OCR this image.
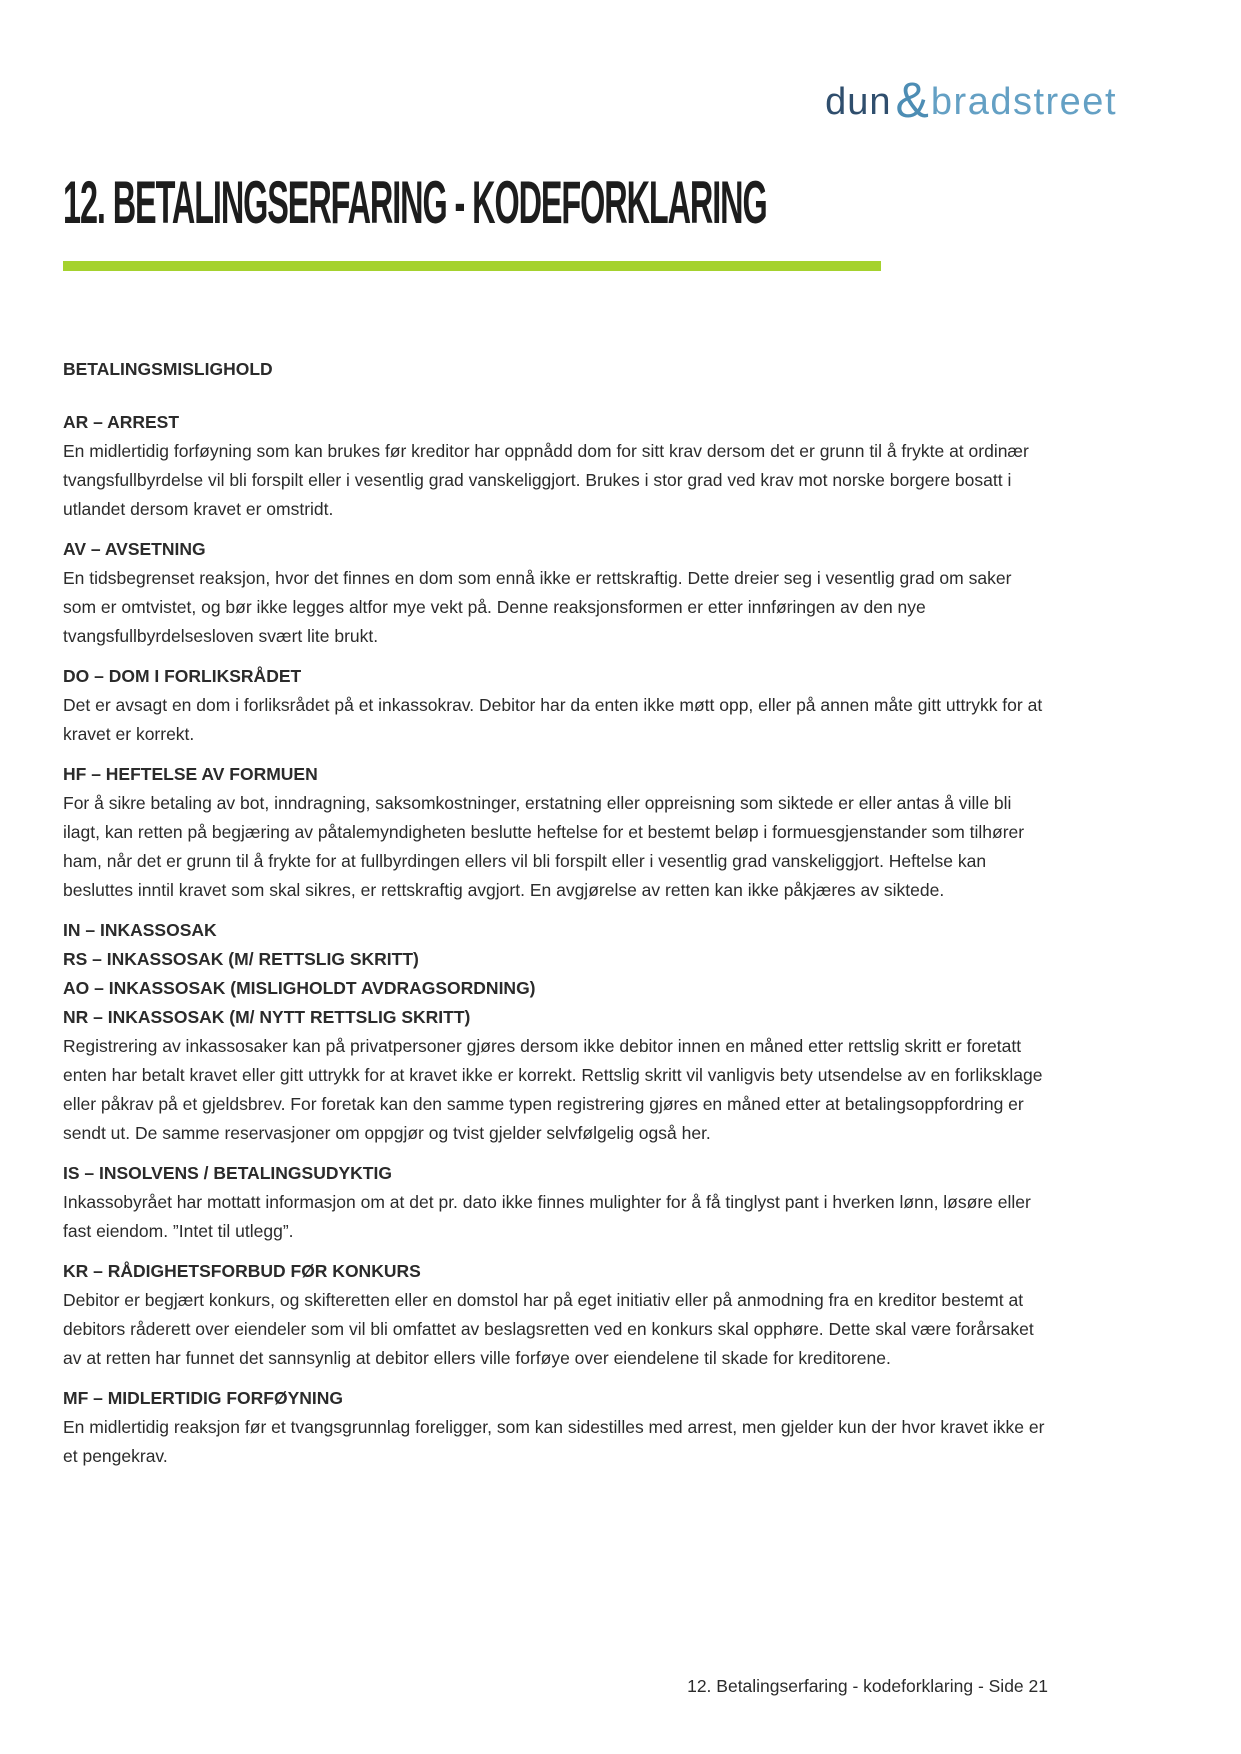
dun & bradstreet
12. BETALINGSERFARING - KODEFORKLARING

BETALINGSMISLIGHOLD

AR – ARREST

En midlertidig forføyning som kan brukes før kreditor har oppnådd dom for sitt krav dersom det er grunn til å frykte at ordinær tvangsfullbyrdelse vil bli forspilt eller i vesentlig grad vanskeliggjort. Brukes i stor grad ved krav mot norske borgere bosatt i utlandet dersom kravet er omstridt.

AV – AVSETNING

En tidsbegrenset reaksjon, hvor det finnes en dom som ennå ikke er rettskraftig. Dette dreier seg i vesentlig grad om saker som er omtvistet, og bør ikke legges altfor mye vekt på. Denne reaksjonsformen er etter innføringen av den nye tvangsfullbyrdelsesloven svært lite brukt.

DO – DOM I FORLIKSRÅDET

Det er avsagt en dom i forliksrådet på et inkassokrav. Debitor har da enten ikke møtt opp, eller på annen måte gitt uttrykk for at kravet er korrekt.

HF – HEFTELSE AV FORMUEN

For å sikre betaling av bot, inndragning, saksomkostninger, erstatning eller oppreisning som siktede er eller antas å ville bli ilagt, kan retten på begjæring av påtalemyndigheten beslutte heftelse for et bestemt beløp i formuesgjenstander som tilhører ham, når det er grunn til å frykte for at fullbyrdingen ellers vil bli forspilt eller i vesentlig grad vanskeliggjort. Heftelse kan besluttes inntil kravet som skal sikres, er rettskraftig avgjort. En avgjørelse av retten kan ikke påkjæres av siktede.

IN – INKASSOSAK

RS – INKASSOSAK (M/ RETTSLIG SKRITT)

AO – INKASSOSAK (MISLIGHOLDT AVDRAGSORDNING)

NR – INKASSOSAK (M/ NYTT RETTSLIG SKRITT)

Registrering av inkassosaker kan på privatpersoner gjøres dersom ikke debitor innen en måned etter rettslig skritt er foretatt enten har betalt kravet eller gitt uttrykk for at kravet ikke er korrekt. Rettslig skritt vil vanligvis bety utsendelse av en forliksklage eller påkrav på et gjeldsbrev. For foretak kan den samme typen registrering gjøres en måned etter at betalingsoppfordring er sendt ut. De samme reservasjoner om oppgjør og tvist gjelder selvfølgelig også her.

IS – INSOLVENS / BETALINGSUDYKTIG

Inkassobyrået har mottatt informasjon om at det pr. dato ikke finnes mulighter for å få tinglyst pant i hverken lønn, løsøre eller fast eiendom. ”Intet til utlegg”.

KR – RÅDIGHETSFORBUD FØR KONKURS

Debitor er begjært konkurs, og skifteretten eller en domstol har på eget initiativ eller på anmodning fra en kreditor bestemt at debitors råderett over eiendeler som vil bli omfattet av beslagsretten ved en konkurs skal opphøre. Dette skal være forårsaket av at retten har funnet det sannsynlig at debitor ellers ville forføye over eiendelene til skade for kreditorene.

MF – MIDLERTIDIG FORFØYNING

En midlertidig reaksjon før et tvangsgrunnlag foreligger, som kan sidestilles med arrest, men gjelder kun der hvor kravet ikke er et pengekrav.

12. Betalingserfaring - kodeforklaring - Side 21
